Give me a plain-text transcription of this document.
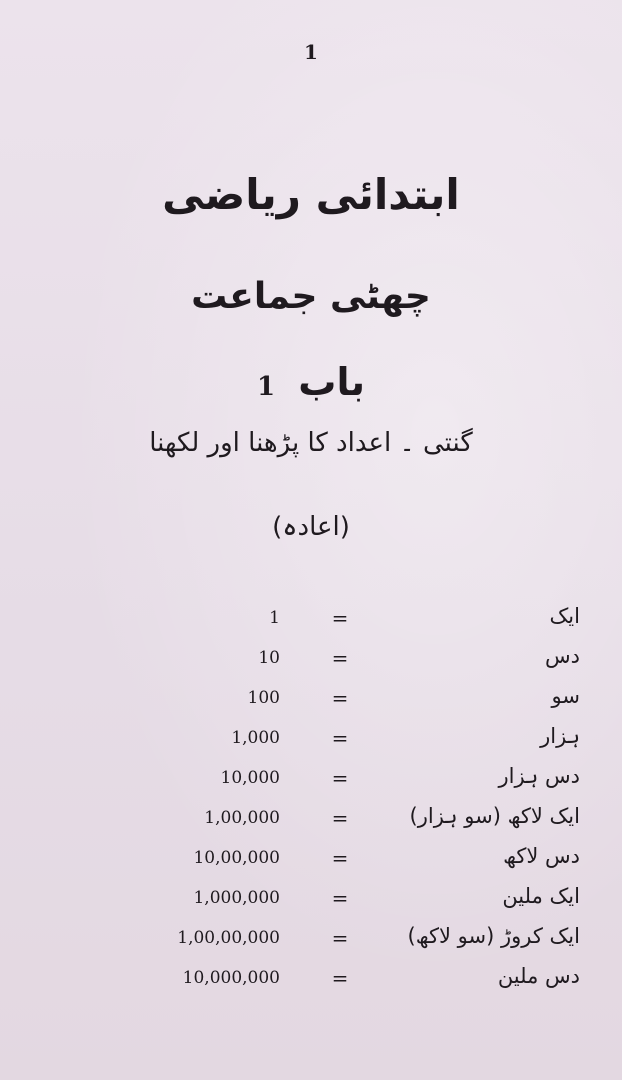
1
ابتدائی ریاضی
چھٹی جماعت
باب 1
گنتی ۔ اعداد کا پڑھنا اور لکھنا
(اعادہ)
1	=	ایک
10	=	دس
100	=	سو
1,000	=	ہزار
10,000	=	دس ہزار
1,00,000	=	ایک لاکھ (سو ہزار)
10,00,000	=	دس لاکھ
1,000,000	=	ایک ملین
1,00,00,000	=	ایک کروڑ (سو لاکھ)
10,000,000	=	دس ملین
